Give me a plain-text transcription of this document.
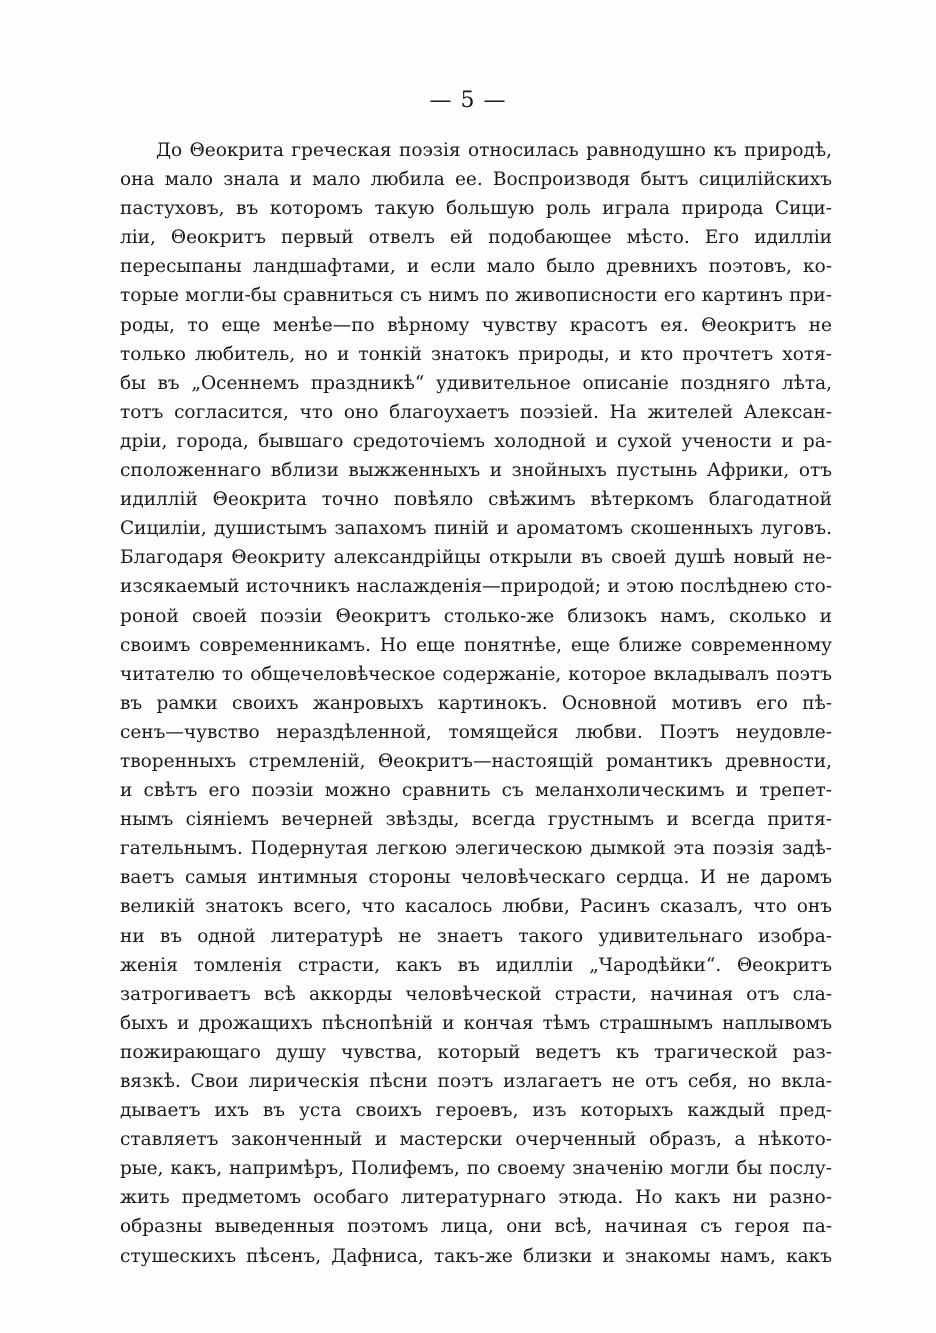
— 5 —
До Θеокрита греческая поэзія относилась равнодушно къ природѣ,
она мало знала и мало любила ее. Воспроизводя бытъ сицилійскихъ
пастуховъ, въ которомъ такую большую роль играла природа Сици-
ліи, Θеокритъ первый отвелъ ей подобающее мѣсто. Его идилліи
пересыпаны ландшафтами, и если мало было древнихъ поэтовъ, ко-
торые могли-бы сравниться съ нимъ по живописности его картинъ при-
роды, то еще менѣе—по вѣрному чувству красотъ ея. Θеокритъ не
только любитель, но и тонкій знатокъ природы, и кто прочтетъ хотя-
бы въ „Осеннемъ праздникѣ“ удивительное описаніе поздняго лѣта,
тотъ согласится, что оно благоухаетъ поэзіей. На жителей Алексан-
дріи, города, бывшаго средоточіемъ холодной и сухой учености и ра-
сположеннаго вблизи выжженныхъ и знойныхъ пустынь Африки, отъ
идиллій Θеокрита точно повѣяло свѣжимъ вѣтеркомъ благодатной
Сициліи, душистымъ запахомъ пиній и ароматомъ скошенныхъ луговъ.
Благодаря Θеокриту александрійцы открыли въ своей душѣ новый не-
изсякаемый источникъ наслажденія—природой; и этою послѣднею сто-
роной своей поэзіи Θеокритъ столько-же близокъ намъ, сколько и
своимъ современникамъ. Но еще понятнѣе, еще ближе современному
читателю то общечеловѣческое содержаніе, которое вкладывалъ поэтъ
въ рамки своихъ жанровыхъ картинокъ. Основной мотивъ его пѣ-
сенъ—чувство нераздѣленной, томящейся любви. Поэтъ неудовле-
творенныхъ стремленій, Θеокритъ—настоящій романтикъ древности,
и свѣтъ его поэзіи можно сравнить съ меланхолическимъ и трепет-
нымъ сіяніемъ вечерней звѣзды, всегда грустнымъ и всегда притя-
гательнымъ. Подернутая легкою элегическою дымкой эта поэзія задѣ-
ваетъ самыя интимныя стороны человѣческаго сердца. И не даромъ
великій знатокъ всего, что касалось любви, Расинъ сказалъ, что онъ
ни въ одной литературѣ не знаетъ такого удивительнаго изобра-
женія томленія страсти, какъ въ идилліи „Чародѣйки“. Θеокритъ
затрогиваетъ всѣ аккорды человѣческой страсти, начиная отъ сла-
быхъ и дрожащихъ пѣснопѣній и кончая тѣмъ страшнымъ наплывомъ
пожирающаго душу чувства, который ведетъ къ трагической раз-
вязкѣ. Свои лирическія пѣсни поэтъ излагаетъ не отъ себя, но вкла-
дываетъ ихъ въ уста своихъ героевъ, изъ которыхъ каждый пред-
ставляетъ законченный и мастерски очерченный образъ, а нѣкото-
рые, какъ, напримѣръ, Полифемъ, по своему значенію могли бы послу-
жить предметомъ особаго литературнаго этюда. Но какъ ни разно-
образны выведенныя поэтомъ лица, они всѣ, начиная съ героя па-
стушескихъ пѣсенъ, Дафниса, такъ-же близки и знакомы намъ, какъ
